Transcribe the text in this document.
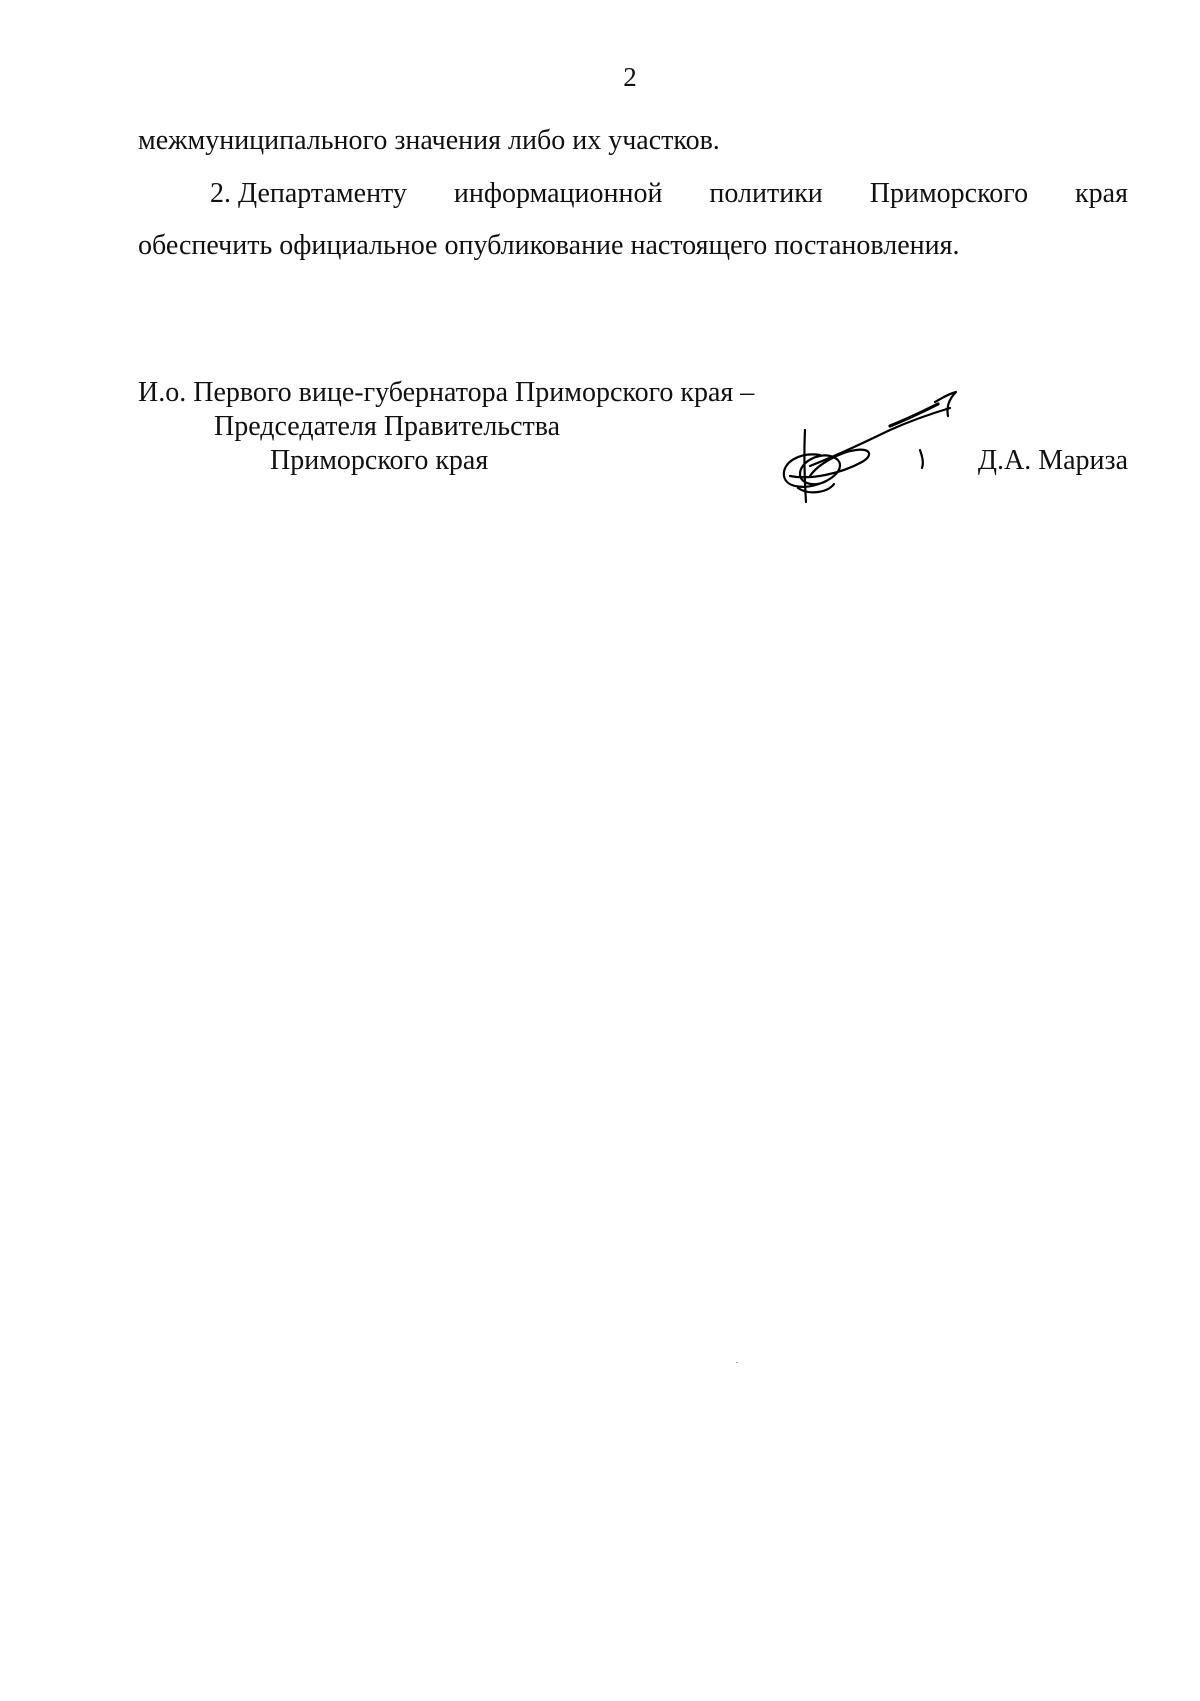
2
межмуниципального значения либо их участков.
2. Департаменту информационной политики Приморского края
обеспечить официальное опубликование настоящего постановления.
И.о. Первого вице-губернатора Приморского края –
Председателя Правительства
Приморского края	Д.А. Мариза
